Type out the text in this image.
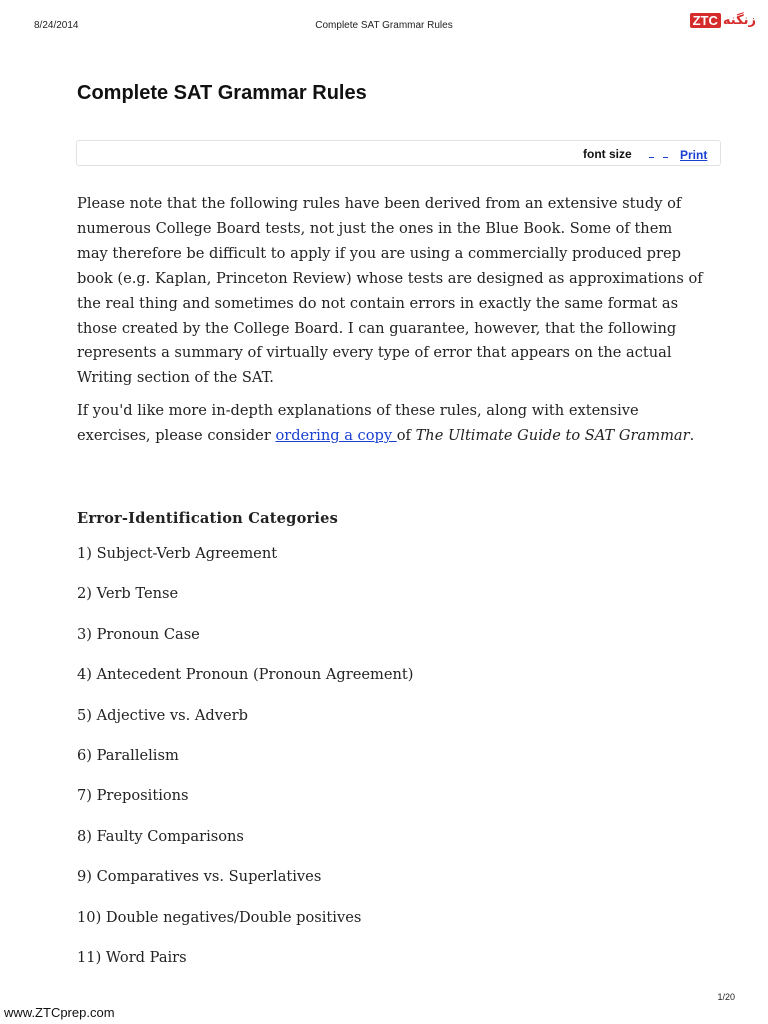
8/24/2014	Complete SAT Grammar Rules	ZTC زنگنه
Complete SAT Grammar Rules
font size	Print

Please note that the following rules have been derived from an extensive study of numerous College Board tests, not just the ones in the Blue Book. Some of them may therefore be difficult to apply if you are using a commercially produced prep book (e.g. Kaplan, Princeton Review) whose tests are designed as approximations of the real thing and sometimes do not contain errors in exactly the same format as those created by the College Board. I can guarantee, however, that the following represents a summary of virtually every type of error that appears on the actual Writing section of the SAT.

If you'd like more in-depth explanations of these rules, along with extensive exercises, please consider ordering a copy of The Ultimate Guide to SAT Grammar.

Error-Identification Categories
1) Subject-Verb Agreement
2) Verb Tense
3) Pronoun Case
4) Antecedent Pronoun (Pronoun Agreement)
5) Adjective vs. Adverb
6) Parallelism
7) Prepositions
8) Faulty Comparisons
9) Comparatives vs. Superlatives
10) Double negatives/Double positives
11) Word Pairs
1/20
www.ZTCprep.com
